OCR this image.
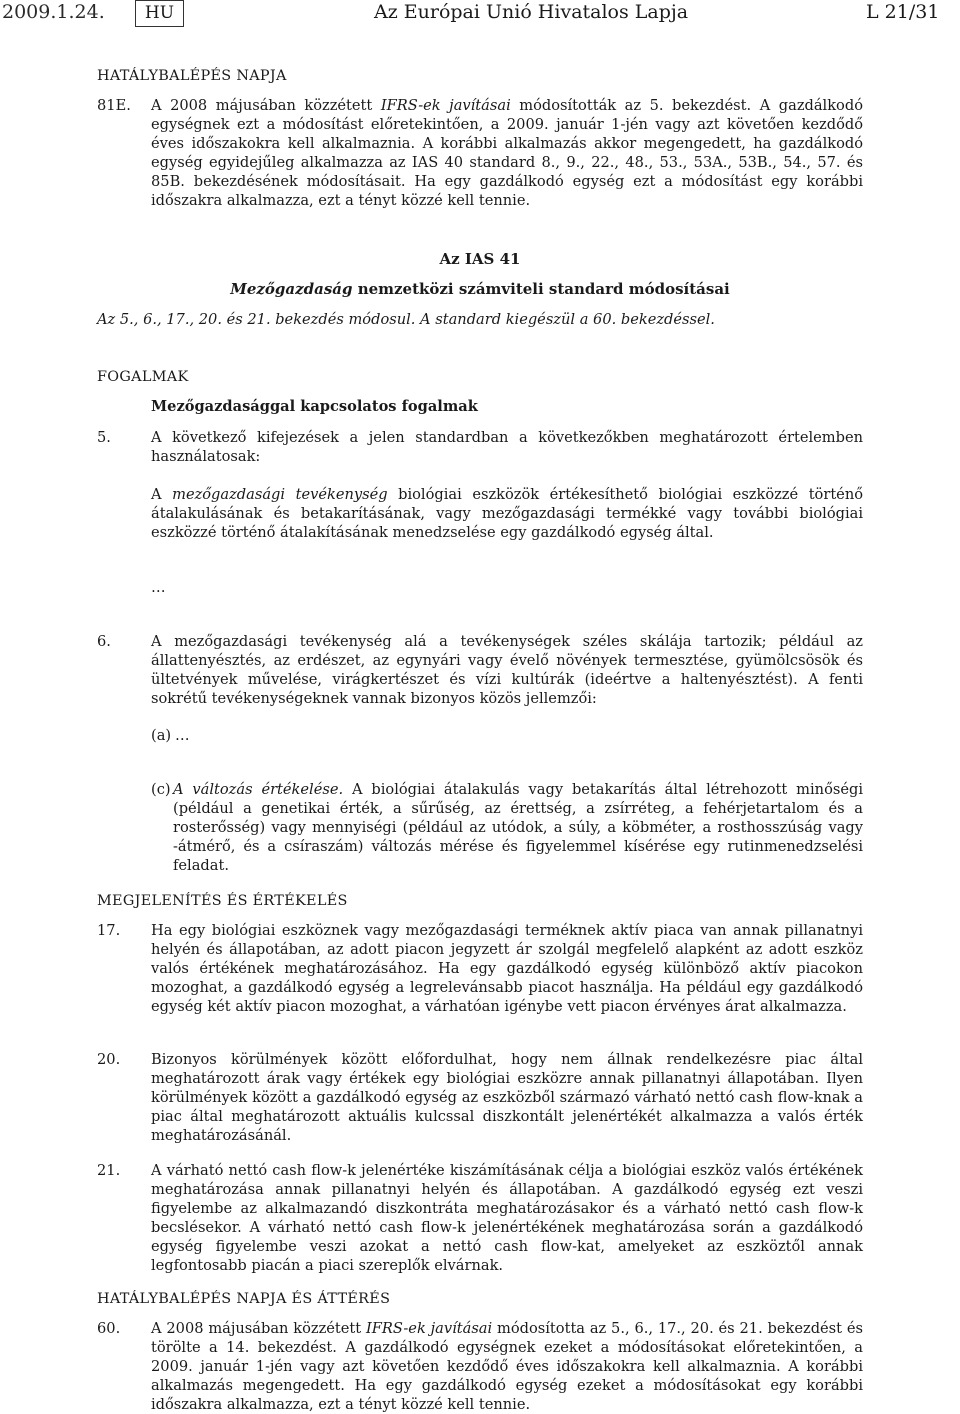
2009.1.24.	HU	Az Európai Unió Hivatalos Lapja	L 21/31
HATÁLYBALÉPÉS NAPJA
81E. A 2008 májusában közzétett IFRS-ek javításai módosították az 5. bekezdést. A gazdálkodó egységnek ezt a módosítást előretekintően, a 2009. január 1-jén vagy azt követően kezdődő éves időszakokra kell alkalmaznia. A korábbi alkalmazás akkor megengedett, ha gazdálkodó egység egyidejűleg alkalmazza az IAS 40 standard 8., 9., 22., 48., 53., 53A., 53B., 54., 57. és 85B. bekezdésének módosításait. Ha egy gazdálkodó egység ezt a módosítást egy korábbi időszakra alkalmazza, ezt a tényt közzé kell tennie.

Az IAS 41
Mezőgazdaság nemzetközi számviteli standard módosításai
Az 5., 6., 17., 20. és 21. bekezdés módosul. A standard kiegészül a 60. bekezdéssel.
FOGALMAK
Mezőgazdasággal kapcsolatos fogalmak
5.	A következő kifejezések a jelen standardban a következőkben meghatározott értelemben használatosak:

A mezőgazdasági tevékenység biológiai eszközök értékesíthető biológiai eszközzé történő átalakulásának és betakarításának, vagy mezőgazdasági termékké vagy további biológiai eszközzé történő átalakításának menedzselése egy gazdálkodó egység által.
…
6.	A mezőgazdasági tevékenység alá a tevékenységek széles skálája tartozik; például az állattenyésztés, az erdészet, az egynyári vagy évelő növények termesztése, gyümölcsösök és ültetvények művelése, virágkertészet és vízi kultúrák (ideértve a haltenyésztést). A fenti sokrétű tevékenységeknek vannak bizonyos közös jellemzői:

(a) …

(c) A változás értékelése. A biológiai átalakulás vagy betakarítás által létrehozott minőségi (például a genetikai érték, a sűrűség, az érettség, a zsírréteg, a fehérjetartalom és a rosterősség) vagy mennyiségi (például az utódok, a súly, a köbméter, a rosthosszúság vagy -átmérő, és a csíraszám) változás mérése és figyelemmel kísérése egy rutinmenedzselési feladat.

MEGJELENÍTÉS ÉS ÉRTÉKELÉS
17. Ha egy biológiai eszköznek vagy mezőgazdasági terméknek aktív piaca van annak pillanatnyi helyén és állapotában, az adott piacon jegyzett ár szolgál megfelelő alapként az adott eszköz valós értékének meghatározásához. Ha egy gazdálkodó egység különböző aktív piacokon mozoghat, a gazdálkodó egység a legrelevánsabb piacot használja. Ha például egy gazdálkodó egység két aktív piacon mozoghat, a várhatóan igénybe vett piacon érvényes árat alkalmazza.

20. Bizonyos körülmények között előfordulhat, hogy nem állnak rendelkezésre piac által meghatározott árak vagy értékek egy biológiai eszközre annak pillanatnyi állapotában. Ilyen körülmények között a gazdálkodó egység az eszközből származó várható nettó cash flow-knak a piac által meghatározott aktuális kulcssal diszkontált jelenértékét alkalmazza a valós érték meghatározásánál.

21. A várható nettó cash flow-k jelenértéke kiszámításának célja a biológiai eszköz valós értékének meghatározása annak pillanatnyi helyén és állapotában. A gazdálkodó egység ezt veszi figyelembe az alkalmazandó diszkontráta meghatározásakor és a várható nettó cash flow-k becslésekor. A várható nettó cash flow-k jelenértékének meghatározása során a gazdálkodó egység figyelembe veszi azokat a nettó cash flow-kat, amelyeket az eszköztől annak legfontosabb piacán a piaci szereplők elvárnak.

HATÁLYBALÉPÉS NAPJA ÉS ÁTTÉRÉS
60. A 2008 májusában közzétett IFRS-ek javításai módosította az 5., 6., 17., 20. és 21. bekezdést és törölte a 14. bekezdést. A gazdálkodó egységnek ezeket a módosításokat előretekintően, a 2009. január 1-jén vagy azt követően kezdődő éves időszakokra kell alkalmaznia. A korábbi alkalmazás megengedett. Ha egy gazdálkodó egység ezeket a módosításokat egy korábbi időszakra alkalmazza, ezt a tényt közzé kell tennie.
